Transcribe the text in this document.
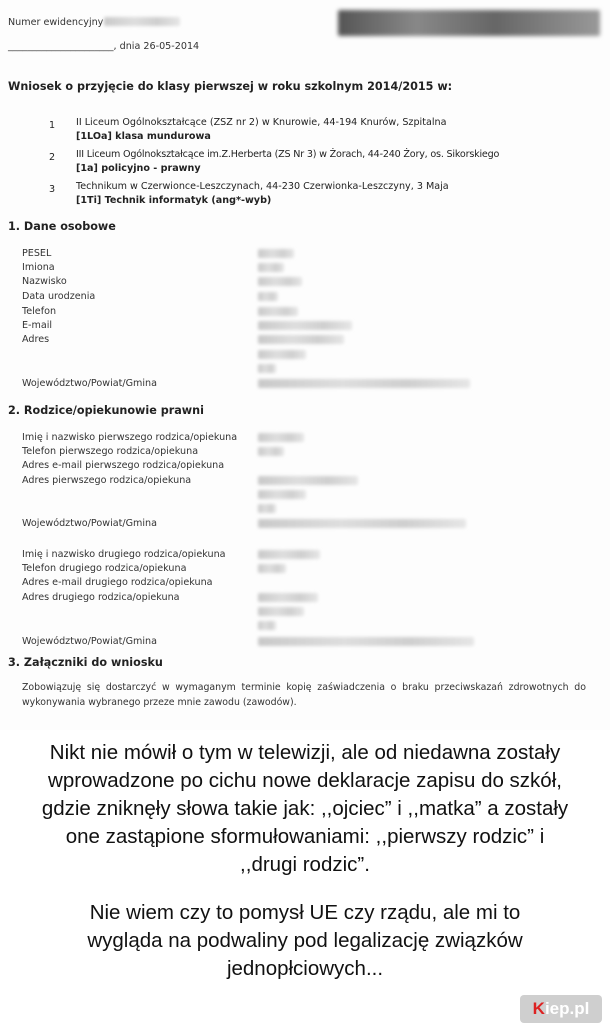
Numer ewidencyjny
______________________, dnia 26-05-2014
Wniosek o przyjęcie do klasy pierwszej w roku szkolnym 2014/2015 w:
1	II Liceum Ogólnokształcące (ZSZ nr 2) w Knurowie, 44-194 Knurów, Szpitalna
[1LOa] klasa mundurowa
2	III Liceum Ogólnokształcące im.Z.Herberta (ZS Nr 3) w Żorach, 44-240 Żory, os. Sikorskiego
[1a] policyjno - prawny
3	Technikum w Czerwionce-Leszczynach, 44-230 Czerwionka-Leszczyny, 3 Maja
[1Ti] Technik informatyk (ang*-wyb)
1. Dane osobowe
PESEL
Imiona
Nazwisko
Data urodzenia
Telefon
E-mail
Adres
Województwo/Powiat/Gmina
2. Rodzice/opiekunowie prawni
Imię i nazwisko pierwszego rodzica/opiekuna
Telefon pierwszego rodzica/opiekuna
Adres e-mail pierwszego rodzica/opiekuna
Adres pierwszego rodzica/opiekuna
Województwo/Powiat/Gmina
Imię i nazwisko drugiego rodzica/opiekuna
Telefon drugiego rodzica/opiekuna
Adres e-mail drugiego rodzica/opiekuna
Adres drugiego rodzica/opiekuna
Województwo/Powiat/Gmina
3. Załączniki do wniosku
Zobowiązuję się dostarczyć w wymaganym terminie kopię zaświadczenia o braku przeciwskazań zdrowotnych do wykonywania wybranego przeze mnie zawodu (zawodów).
Nikt nie mówił o tym w telewizji, ale od niedawna zostały
wprowadzone po cichu nowe deklaracje zapisu do szkół,
gdzie zniknęły słowa takie jak: ,,ojciec” i ,,matka” a zostały
one zastąpione sformułowaniami: ,,pierwszy rodzic” i
,,drugi rodzic”.
Nie wiem czy to pomysł UE czy rządu, ale mi to
wygląda na podwaliny pod legalizację związków
jednopłciowych...
K iep.pl
